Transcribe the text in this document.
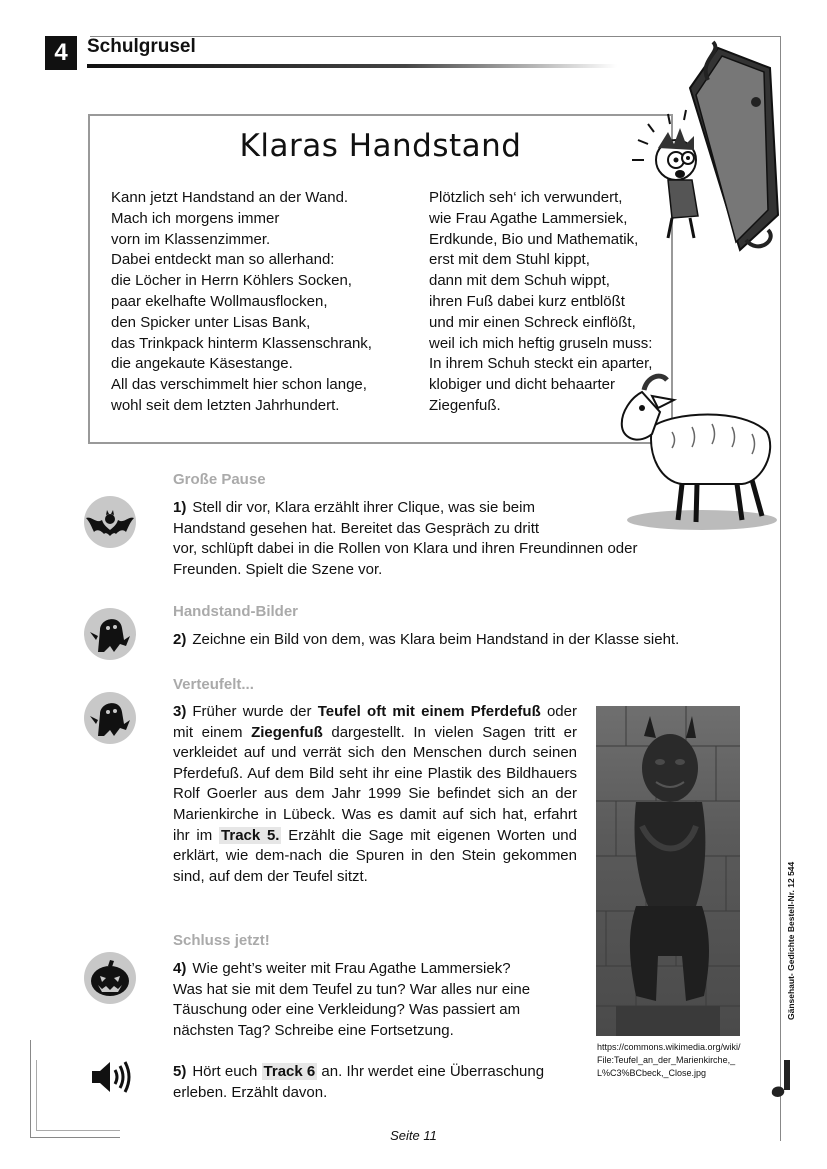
4	Schulgrusel
Klaras Handstand
Kann jetzt Handstand an der Wand.
Mach ich morgens immer
vorn im Klassenzimmer.
Dabei entdeckt man so allerhand:
die Löcher in Herrn Köhlers Socken,
paar ekelhafte Wollmausflocken,
den Spicker unter Lisas Bank,
das Trinkpack hinterm Klassenschrank,
die angekaute Käsestange.
All das verschimmelt hier schon lange,
wohl seit dem letzten Jahrhundert.
Plötzlich seh‘ ich verwundert,
wie Frau Agathe Lammersiek,
Erdkunde, Bio und Mathematik,
erst mit dem Stuhl kippt,
dann mit dem Schuh wippt,
ihren Fuß dabei kurz entblößt
und mir einen Schreck einflößt,
weil ich mich heftig gruseln muss:
In ihrem Schuh steckt ein aparter,
klobiger und dicht behaarter
Ziegenfuß.
Große Pause
1) Stell dir vor, Klara erzählt ihrer Clique, was sie beim
Handstand gesehen hat. Bereitet das Gespräch zu dritt
vor, schlüpft dabei in die Rollen von Klara und ihren Freundinnen oder
Freunden. Spielt die Szene vor.
Handstand-Bilder
2) Zeichne ein Bild von dem, was Klara beim Handstand in der Klasse sieht.
Verteufelt...
3) Früher wurde der Teufel oft mit einem Pferdefuß oder mit einem Ziegenfuß dargestellt. In vielen Sagen tritt er verkleidet auf und verrät sich den Menschen durch seinen Pferdefuß. Auf dem Bild seht ihr eine Plastik des Bildhauers Rolf Goerler aus dem Jahr 1999 Sie befindet sich an der Marienkirche in Lübeck. Was es damit auf sich hat, erfahrt ihr im Track 5. Erzählt die Sage mit eigenen Worten und erklärt, wie dem-nach die Spuren in den Stein gekommen sind, auf dem der Teufel sitzt.
https://commons.wikimedia.org/wiki/
File:Teufel_an_der_Marienkirche,_
L%C3%BCbeck,_Close.jpg
Schluss jetzt!
4) Wie geht’s weiter mit Frau Agathe Lammersiek?
Was hat sie mit dem Teufel zu tun? War alles nur eine
Täuschung oder eine Verkleidung? Was passiert am
nächsten Tag? Schreibe eine Fortsetzung.
5) Hört euch Track 6 an. Ihr werdet eine Überraschung
erleben. Erzählt davon.
Gänsehaut- Gedichte Bestell-Nr. 12 544
Seite 11
